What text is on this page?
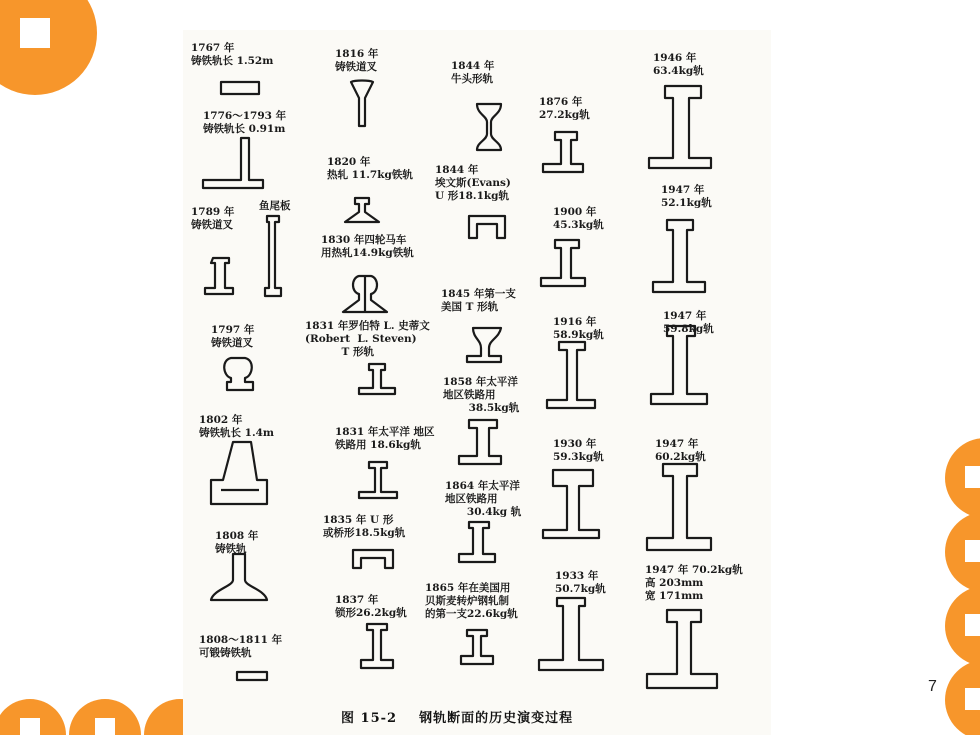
1767 年
铸铁轨长 1.52m
1776～1793 年
铸铁轨长 0.91m
1789 年
铸铁道叉
鱼尾板
1797 年
铸铁道叉
1802 年
铸铁轨长 1.4m
1808 年
铸铁轨
1808～1811 年
可锻铸铁轨
1816 年
铸铁道叉
1820 年
热轧 11.7kg铁轨
1830 年四轮马车
用热轧14.9kg铁轨
1831 年罗伯特 L. 史蒂文
(Robert  L. Steven)
T 形轨
1831 年太平洋 地区
铁路用 18.6kg轨
1835 年 U 形
或桥形18.5kg轨
1837 年
锁形26.2kg轨
1844 年
牛头形轨
1844 年
埃文斯(Evans)
U 形18.1kg轨
1845 年第一支
美国 T 形轨
1858 年太平洋
地区铁路用
38.5kg轨
1864 年太平洋
地区铁路用
30.4kg 轨
1865 年在美国用
贝斯麦转炉钢轧制
的第一支22.6kg轨
1876 年
27.2kg轨
1900 年
45.3kg轨
1916 年
58.9kg轨
1930 年
59.3kg轨
1933 年
50.7kg轨
1946 年
63.4kg轨
1947 年
52.1kg轨
1947 年
59.8kg轨
1947 年
60.2kg轨
1947 年 70.2kg轨
高 203mm
宽 171mm
图 15-2    钢轨断面的历史演变过程
7
